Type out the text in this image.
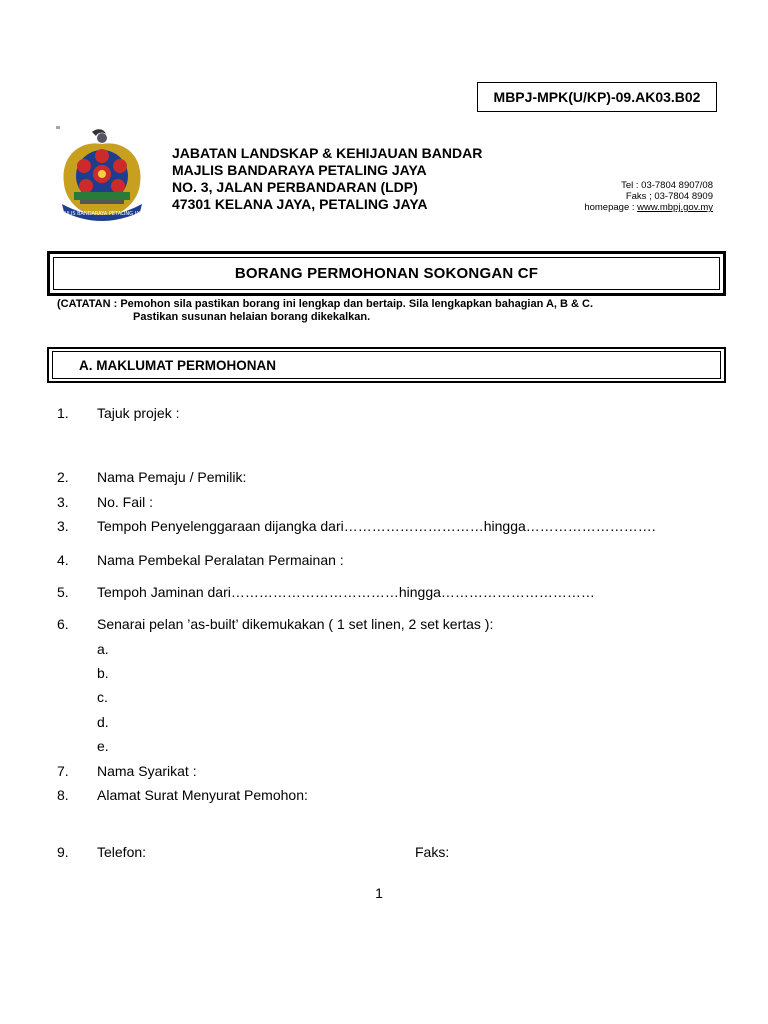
MBPJ-MPK(U/KP)-09.AK03.B02
MAJLIS BANDARAYA PETALING JAYA
JABATAN LANDSKAP & KEHIJAUAN BANDAR
MAJLIS BANDARAYA PETALING JAYA
NO. 3, JALAN PERBANDARAN (LDP)
47301 KELANA JAYA, PETALING JAYA
Tel : 03-7804 8907/08
Faks ; 03-7804 8909
homepage : www.mbpj.gov.my
BORANG PERMOHONAN SOKONGAN CF
(CATATAN : Pemohon sila pastikan borang ini lengkap dan bertaip. Sila lengkapkan bahagian A, B & C.
Pastikan susunan helaian borang dikekalkan.
A. MAKLUMAT PERMOHONAN
1. Tajuk projek :
2. Nama Pemaju / Pemilik:
3. No. Fail :
3. Tempoh Penyelenggaraan dijangka dari…………………………hingga……………………….
4. Nama Pembekal Peralatan Permainan :
5. Tempoh Jaminan dari………………………………hingga……………………………
6. Senarai pelan ’as-built’ dikemukakan ( 1 set linen, 2 set kertas ):
a.
b.
c.
d.
e.
7. Nama Syarikat :
8. Alamat Surat Menyurat Pemohon:
9. Telefon:	Faks:
1
